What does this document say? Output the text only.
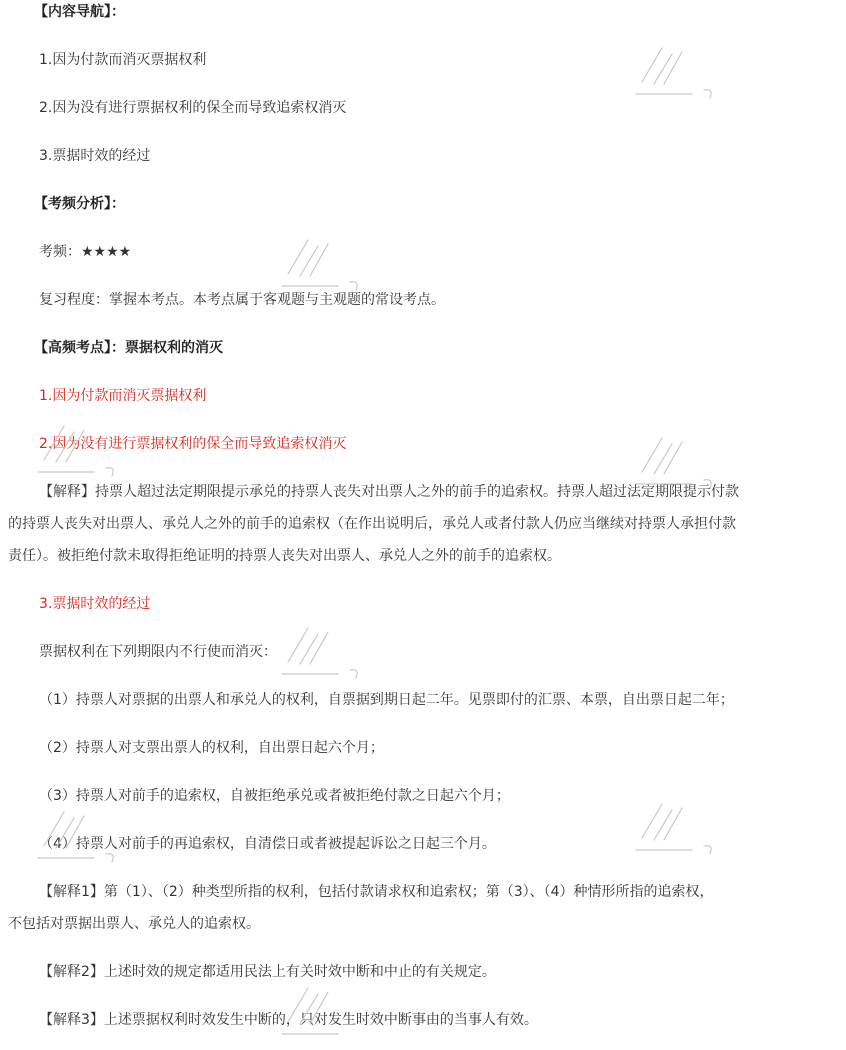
【内容导航】：
1.因为付款而消灭票据权利
2.因为没有进行票据权利的保全而导致追索权消灭
3.票据时效的经过
【考频分析】：
考频：★★★★
复习程度：掌握本考点。本考点属于客观题与主观题的常设考点。
【高频考点】：票据权利的消灭
1.因为付款而消灭票据权利
2.因为没有进行票据权利的保全而导致追索权消灭
【解释】持票人超过法定期限提示承兑的持票人丧失对出票人之外的前手的追索权。持票人超过法定期限提示付款
的持票人丧失对出票人、承兑人之外的前手的追索权（在作出说明后，承兑人或者付款人仍应当继续对持票人承担付款
责任）。被拒绝付款未取得拒绝证明的持票人丧失对出票人、承兑人之外的前手的追索权。
3.票据时效的经过
票据权利在下列期限内不行使而消灭：
（1）持票人对票据的出票人和承兑人的权利，自票据到期日起二年。见票即付的汇票、本票，自出票日起二年；
（2）持票人对支票出票人的权利，自出票日起六个月；
（3）持票人对前手的追索权，自被拒绝承兑或者被拒绝付款之日起六个月；
（4）持票人对前手的再追索权，自清偿日或者被提起诉讼之日起三个月。
【解释1】第（1）、（2）种类型所指的权利，包括付款请求权和追索权；第（3）、（4）种情形所指的追索权，
不包括对票据出票人、承兑人的追索权。
【解释2】上述时效的规定都适用民法上有关时效中断和中止的有关规定。
【解释3】上述票据权利时效发生中断的，只对发生时效中断事由的当事人有效。
